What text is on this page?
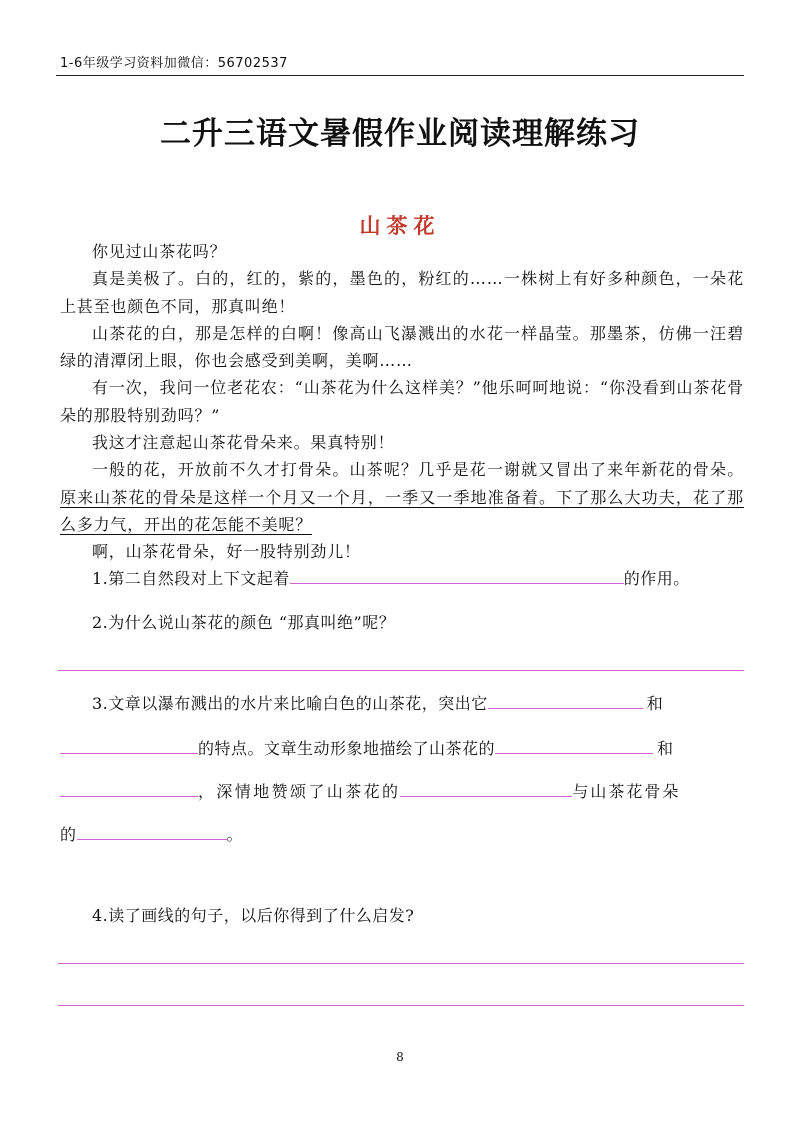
1-6年级学习资料加微信：56702537
二升三语文暑假作业阅读理解练习
山茶花

你见过山茶花吗？

真是美极了。白的，红的，紫的，墨色的，粉红的……一株树上有好多种颜色，一朵花上甚至也颜色不同，那真叫绝！

山茶花的白，那是怎样的白啊！像高山飞瀑溅出的水花一样晶莹。那墨茶，仿佛一汪碧绿的清潭闭上眼，你也会感受到美啊，美啊……

有一次，我问一位老花农：“山茶花为什么这样美？”他乐呵呵地说：“你没看到山茶花骨朵的那股特别劲吗？”

我这才注意起山茶花骨朵来。果真特别！

一般的花，开放前不久才打骨朵。山茶呢？几乎是花一谢就又冒出了来年新花的骨朵。原来山茶花的骨朵是这样一个月又一个月，一季又一季地准备着。下了那么大功夫，花了那么多力气，开出的花怎能不美呢？

啊，山茶花骨朵，好一股特别劲儿！

1.第二自然段对上下文起着	的作用。

2.为什么说山茶花的颜色 “那真叫绝”呢？

3.文章以瀑布溅出的水片来比喻白色的山茶花，突出它	和

的特点。文章生动形象地描绘了山茶花的	和

，深情地赞颂了山茶花的	与山茶花骨朵

的	。

4.读了画线的句子，以后你得到了什么启发?

8
